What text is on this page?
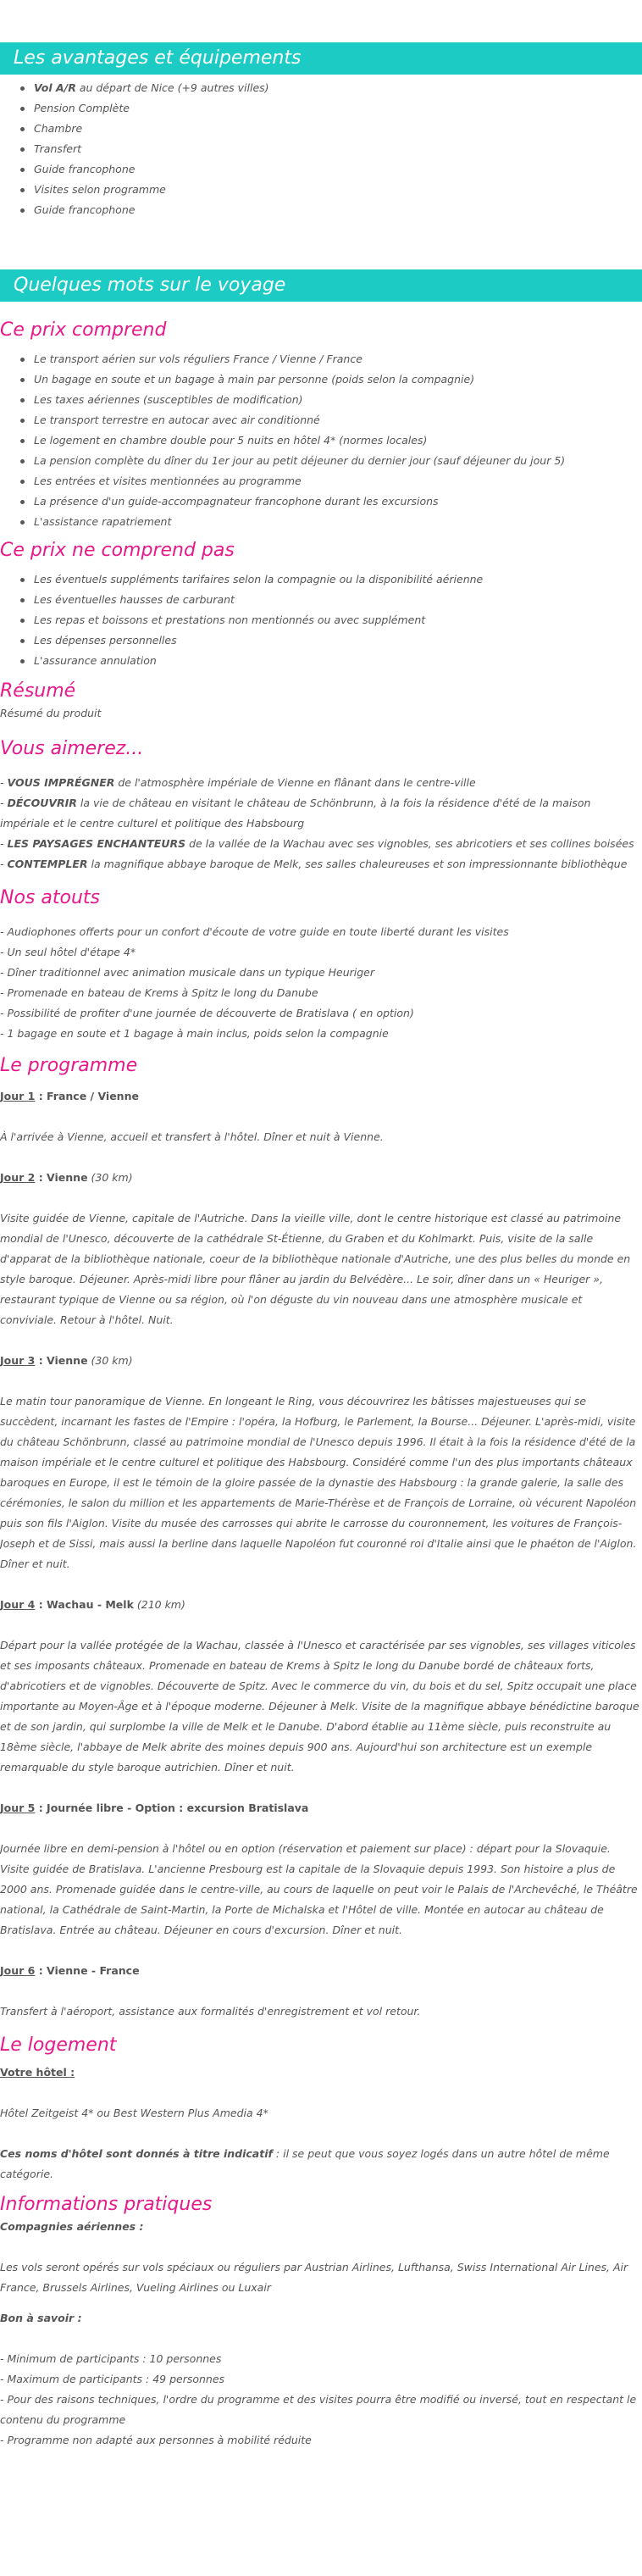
Les avantages et équipements
Vol A/R au départ de Nice (+9 autres villes)
Pension Complète
Chambre
Transfert
Guide francophone
Visites selon programme
Guide francophone
Quelques mots sur le voyage
Ce prix comprend
Le transport aérien sur vols réguliers France / Vienne / France
Un bagage en soute et un bagage à main par personne (poids selon la compagnie)
Les taxes aériennes (susceptibles de modification)
Le transport terrestre en autocar avec air conditionné
Le logement en chambre double pour 5 nuits en hôtel 4* (normes locales)
La pension complète du dîner du 1er jour au petit déjeuner du dernier jour (sauf déjeuner du jour 5)
Les entrées et visites mentionnées au programme
La présence d'un guide-accompagnateur francophone durant les excursions
L'assistance rapatriement
Ce prix ne comprend pas
Les éventuels suppléments tarifaires selon la compagnie ou la disponibilité aérienne
Les éventuelles hausses de carburant
Les repas et boissons et prestations non mentionnés ou avec supplément
Les dépenses personnelles
L'assurance annulation
Résumé

Résumé du produit

Vous aimerez...

- VOUS IMPRÉGNER de l'atmosphère impériale de Vienne en flânant dans le centre-ville

- DÉCOUVRIR la vie de château en visitant le château de Schönbrunn, à la fois la résidence d'été de la maison impériale et le centre culturel et politique des Habsbourg

- LES PAYSAGES ENCHANTEURS de la vallée de la Wachau avec ses vignobles, ses abricotiers et ses collines boisées

- CONTEMPLER la magnifique abbaye baroque de Melk, ses salles chaleureuses et son impressionnante bibliothèque

Nos atouts

- Audiophones offerts pour un confort d'écoute de votre guide en toute liberté durant les visites

- Un seul hôtel d'étape 4*

- Dîner traditionnel avec animation musicale dans un typique Heuriger

- Promenade en bateau de Krems à Spitz le long du Danube

- Possibilité de profiter d'une journée de découverte de Bratislava ( en option)

- 1 bagage en soute et 1 bagage à main inclus, poids selon la compagnie

Le programme

Jour 1 : France / Vienne

À l'arrivée à Vienne, accueil et transfert à l'hôtel. Dîner et nuit à Vienne.

Jour 2 : Vienne (30 km)

Visite guidée de Vienne, capitale de l'Autriche. Dans la vieille ville, dont le centre historique est classé au patrimoine mondial de l'Unesco, découverte de la cathédrale St-Étienne, du Graben et du Kohlmarkt. Puis, visite de la salle d'apparat de la bibliothèque nationale, coeur de la bibliothèque nationale d'Autriche, une des plus belles du monde en style baroque. Déjeuner. Après-midi libre pour flâner au jardin du Belvédère... Le soir, dîner dans un « Heuriger », restaurant typique de Vienne ou sa région, où l'on déguste du vin nouveau dans une atmosphère musicale et conviviale. Retour à l'hôtel. Nuit.

Jour 3 : Vienne (30 km)

Le matin tour panoramique de Vienne. En longeant le Ring, vous découvrirez les bâtisses majestueuses qui se succèdent, incarnant les fastes de l'Empire : l'opéra, la Hofburg, le Parlement, la Bourse... Déjeuner. L'après-midi, visite du château Schönbrunn, classé au patrimoine mondial de l'Unesco depuis 1996. Il était à la fois la résidence d'été de la maison impériale et le centre culturel et politique des Habsbourg. Considéré comme l'un des plus importants châteaux baroques en Europe, il est le témoin de la gloire passée de la dynastie des Habsbourg : la grande galerie, la salle des cérémonies, le salon du million et les appartements de Marie-Thérèse et de François de Lorraine, où vécurent Napoléon puis son fils l'Aiglon. Visite du musée des carrosses qui abrite le carrosse du couronnement, les voitures de François-Joseph et de Sissi, mais aussi la berline dans laquelle Napoléon fut couronné roi d'Italie ainsi que le phaéton de l'Aiglon. Dîner et nuit.

Jour 4 : Wachau - Melk (210 km)

Départ pour la vallée protégée de la Wachau, classée à l'Unesco et caractérisée par ses vignobles, ses villages viticoles et ses imposants châteaux. Promenade en bateau de Krems à Spitz le long du Danube bordé de châteaux forts, d'abricotiers et de vignobles. Découverte de Spitz. Avec le commerce du vin, du bois et du sel, Spitz occupait une place importante au Moyen-Âge et à l'époque moderne. Déjeuner à Melk. Visite de la magnifique abbaye bénédictine baroque et de son jardin, qui surplombe la ville de Melk et le Danube. D'abord établie au 11ème siècle, puis reconstruite au 18ème siècle, l'abbaye de Melk abrite des moines depuis 900 ans. Aujourd'hui son architecture est un exemple remarquable du style baroque autrichien. Dîner et nuit.

Jour 5 : Journée libre - Option : excursion Bratislava

Journée libre en demi-pension à l'hôtel ou en option (réservation et paiement sur place) : départ pour la Slovaquie. Visite guidée de Bratislava. L'ancienne Presbourg est la capitale de la Slovaquie depuis 1993. Son histoire a plus de 2000 ans. Promenade guidée dans le centre-ville, au cours de laquelle on peut voir le Palais de l'Archevêché, le Théâtre national, la Cathédrale de Saint-Martin, la Porte de Michalska et l'Hôtel de ville. Montée en autocar au château de Bratislava. Entrée au château. Déjeuner en cours d'excursion. Dîner et nuit.

Jour 6 : Vienne - France

Transfert à l'aéroport, assistance aux formalités d'enregistrement et vol retour.

Le logement

Votre hôtel :

Hôtel Zeitgeist 4* ou Best Western Plus Amedia 4*

Ces noms d'hôtel sont donnés à titre indicatif : il se peut que vous soyez logés dans un autre hôtel de même catégorie.

Informations pratiques

Compagnies aériennes :

Les vols seront opérés sur vols spéciaux ou réguliers par Austrian Airlines, Lufthansa, Swiss International Air Lines, Air France, Brussels Airlines, Vueling Airlines ou Luxair

Bon à savoir :

- Minimum de participants : 10 personnes

- Maximum de participants : 49 personnes

- Pour des raisons techniques, l'ordre du programme et des visites pourra être modifié ou inversé, tout en respectant le contenu du programme

- Programme non adapté aux personnes à mobilité réduite
